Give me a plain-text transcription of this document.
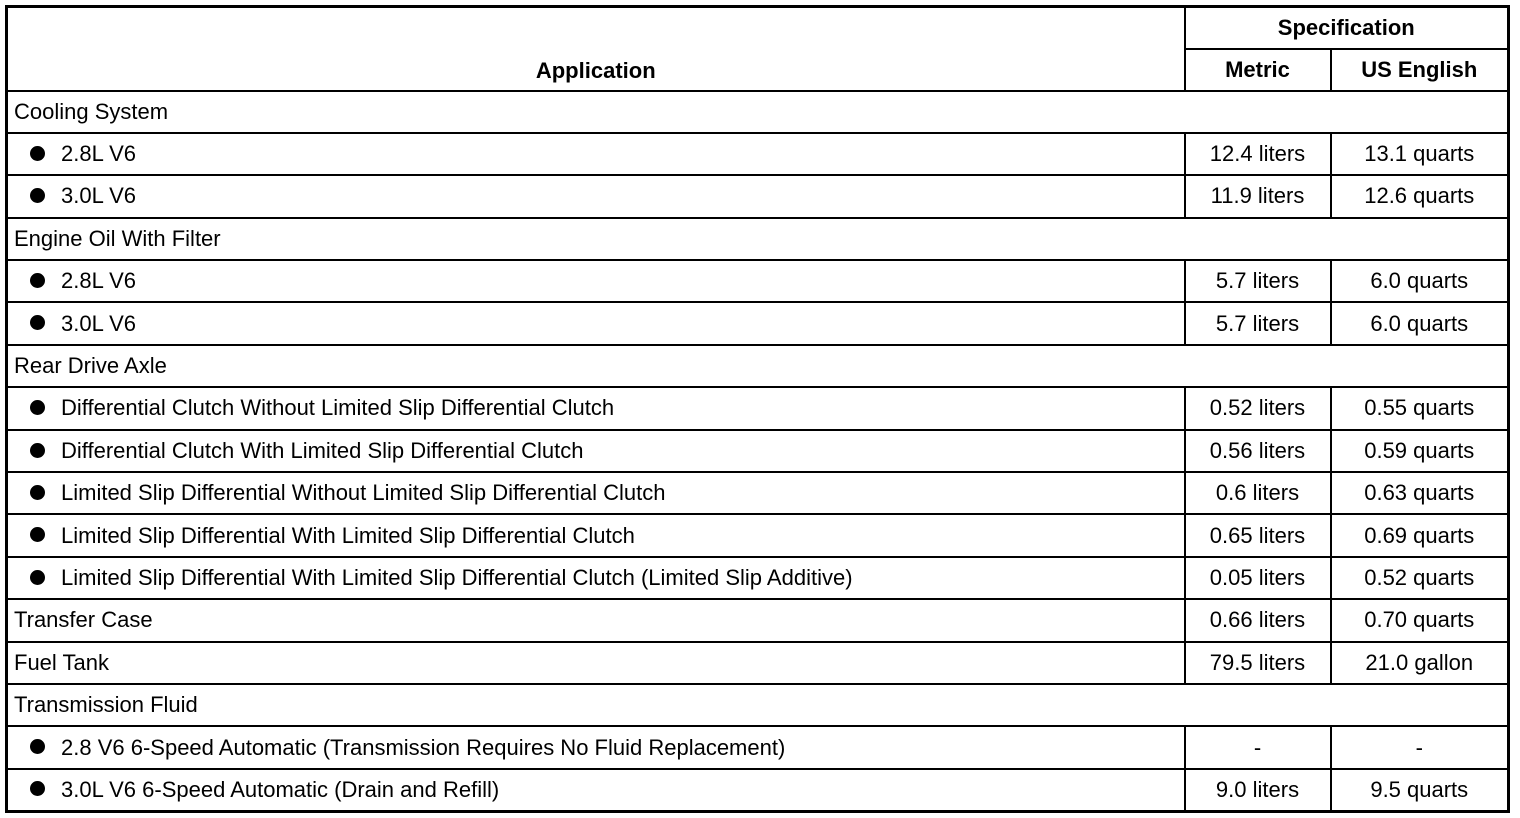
Application	Specification	
	Metric	US English
Cooling System		
2.8L V6	12.4 liters	13.1 quarts
3.0L V6	11.9 liters	12.6 quarts
Engine Oil With Filter		
2.8L V6	5.7 liters	6.0 quarts
3.0L V6	5.7 liters	6.0 quarts
Rear Drive Axle		
Differential Clutch Without Limited Slip Differential Clutch	0.52 liters	0.55 quarts
Differential Clutch With Limited Slip Differential Clutch	0.56 liters	0.59 quarts
Limited Slip Differential Without Limited Slip Differential Clutch	0.6 liters	0.63 quarts
Limited Slip Differential With Limited Slip Differential Clutch	0.65 liters	0.69 quarts
Limited Slip Differential With Limited Slip Differential Clutch (Limited Slip Additive)	0.05 liters	0.52 quarts
Transfer Case	0.66 liters	0.70 quarts
Fuel Tank	79.5 liters	21.0 gallon
Transmission Fluid		
2.8 V6 6-Speed Automatic (Transmission Requires No Fluid Replacement)	-	-
3.0L V6 6-Speed Automatic (Drain and Refill)	9.0 liters	9.5 quarts
